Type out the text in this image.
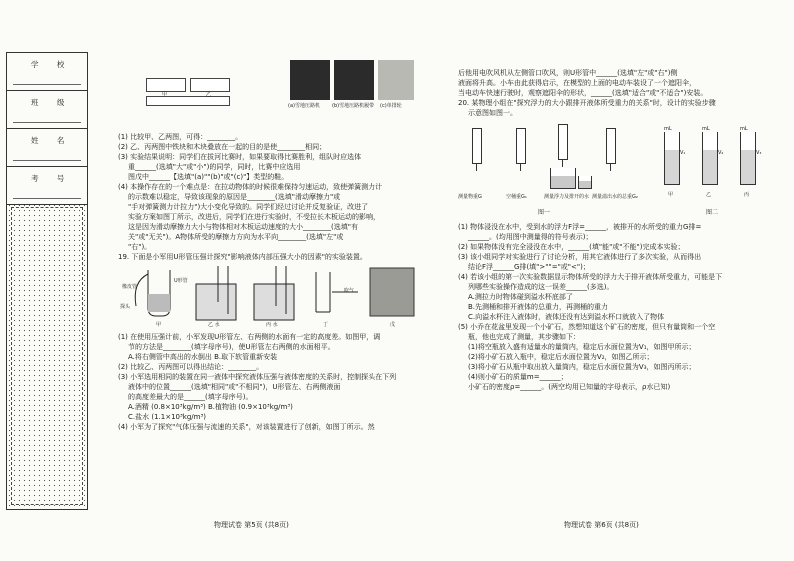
学 校
班 级
姓 名
考 号
甲	乙
(a)雪地压路机 (b)雪地压路机履带 (c)单排轮

(1) 比较甲、乙两图，可得：________。

(2) 乙、丙两图中铁块和木块叠放在一起的目的是使________相同；

(3) 实验结果说明：同学们在拔河比赛时，如果要取得比赛胜利，组队时应选体

重______(选填"大"或"小")的同学，同时，比赛中应选用

图戊中______【选填"(a)""(b)"或"(c)"】类型的鞋。

(4) 本操作存在的一个难点是：在拉动物体的时候很难保持匀速运动，致使弹簧测力计

的示数难以稳定，导致该现象的原因是________(选填"滑动摩擦力"或

"手对弹簧测力计拉力")大小变化导致的。同学们经过讨论并反复验证，改进了

实验方案如图丁所示，改进后，同学们在进行实验时，不受拉长木板运动的影响，

这是因为滑动摩擦力大小与物体相对木板运动速度的大小________(选填"有

关"或"无关")。A物体所受的摩擦力方向为水平向________(选填"左"或

"右")。

19. 下面是小军用U形管压强计探究"影响液体内部压强大小的因素"的实验装置。

甲	乙 水	丙 水	丁	戊
探头
橡皮管
U形管
吹气

(1) 在使用压强计前，小军发现U形管左、右两侧的水面有一定的高度差。如图甲，调

节的方法是________(填字母序号)，使U形管左右两侧的水面相平。

A.将右侧管中高出的水倒出 B.取下软管重新安装

(2) 比较乙、丙两图可以得出结论：________。

(3) 小军选用相同的装置在同一液体中探究液体压强与液体密度的关系时，控制探头在下列

液体中的位置______(选填"相同"或"不相同")，U形管左、右两侧液面

的高度差最大的是______(填字母序号)。

A.酒精 (0.8×10³kg/m³) B.植物油 (0.9×10³kg/m³)

C.盐水 (1.1×10³kg/m³)

(4) 小军为了探究"气体压强与流速的关系"，对该装置进行了创新，如图丁所示。然

物理试卷 第5页 (共8页)

后他用电吹风机从左侧管口吹风，则U形管中______(选填"左"或"右")侧

液面将升高。小车由此获得启示，在模型的上面的电动车装设了一个遮阳伞，

当电动车快速行驶时，观察遮阳伞的形状，______(选填"适合"或"不适合")安装。

20. 某物理小组在"探究浮力的大小跟排开液体所受重力的关系"时，设计的实验步骤

示意图如图一。

测量物重G	空桶重G₁	测量浮力及排开的水 测量溢出水的总重G₂
图一
mL	mL	mL
V₁	V₂	V₃
甲	乙	丙
图二

(1) 物体浸没在水中，受到水的浮力F浮=______，被排开的水所受的重力G排=

______。(均用图中测量得的符号表示)；

(2) 如果物体没有完全浸没在水中，______(填"能"或"不能")完成本实验；

(3) 该小组同学对实验进行了讨论分析，用其它液体进行了多次实验，从而得出

结论F浮______G排(填">""="或"<")；

(4) 若该小组的第一次实验数据显示物体所受的浮力大于排开液体所受重力，可能是下

列哪些实验操作造成的这一误差______(多选)。

A.测拉力时物体碰到溢水杯底部了

B.先测桶和排开液体的总重力，再测桶的重力

C.向溢水杯注入液体时，液体还没有达到溢水杯口就放入了物体

(5) 小乔在花盆里发现一个小矿石，然想知道这个矿石的密度，但只有量筒和一个空

瓶，他也完成了测量，其步骤如下：

(1)将空瓶放入盛有适量水的量筒内，稳定后水面位置为V₁，如图甲所示；

(2)将小矿石放入瓶中，稳定后水面位置为V₂，如图乙所示；

(3)将小矿石从瓶中取出放入量筒内，稳定后水面位置为V₃，如图丙所示；

(4)则小矿石的质量m=______；

小矿石的密度ρ=______。(两空均用已知量的字母表示，ρ水已知)

物理试卷 第6页 (共8页)
